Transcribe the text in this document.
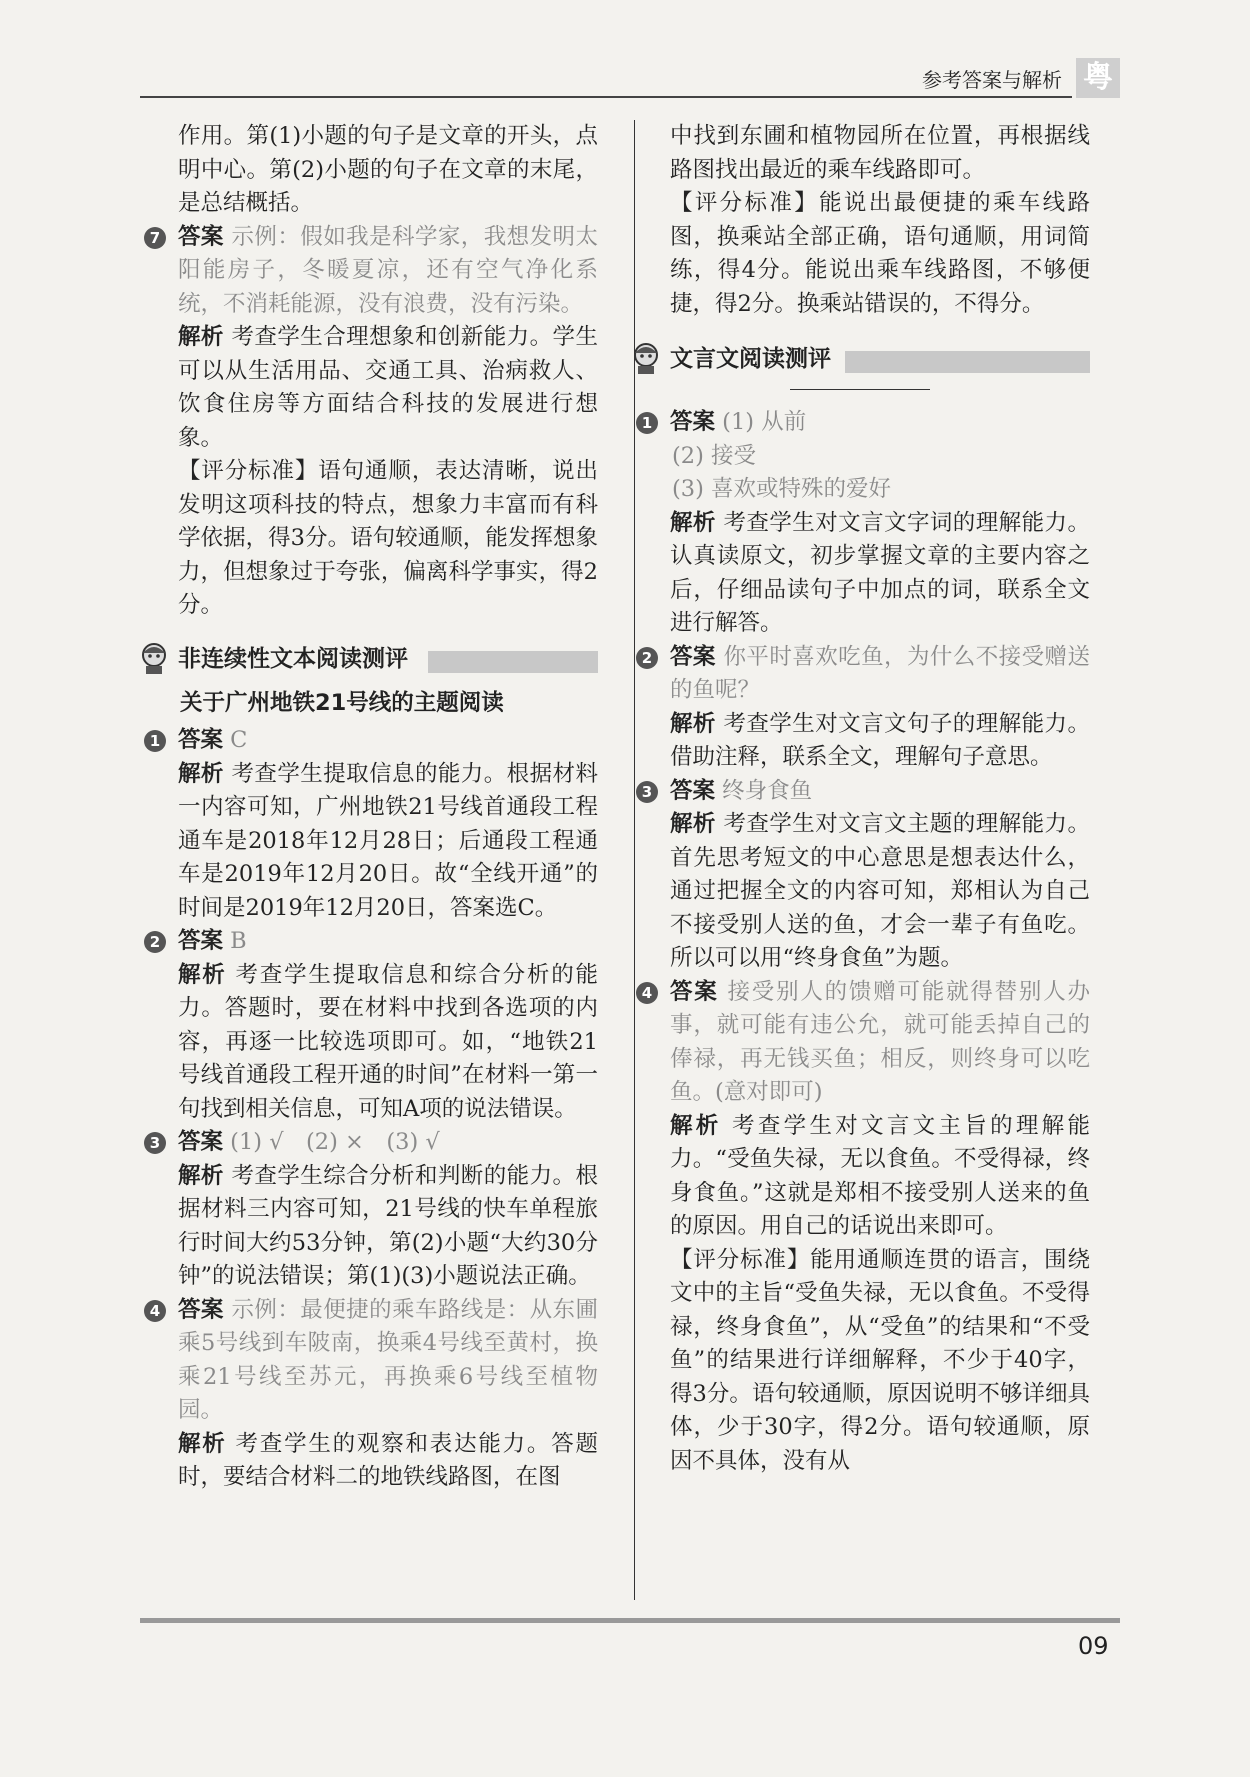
参考答案与解析 粤

作用。第(1)小题的句子是文章的开头，点明中心。第(2)小题的句子在文章的末尾，是总结概括。

7 答案 示例：假如我是科学家，我想发明太阳能房子，冬暖夏凉，还有空气净化系统，不消耗能源，没有浪费，没有污染。

解析 考查学生合理想象和创新能力。学生可以从生活用品、交通工具、治病救人、饮食住房等方面结合科技的发展进行想象。

【评分标准】语句通顺，表达清晰，说出发明这项科技的特点，想象力丰富而有科学依据，得3分。语句较通顺，能发挥想象力，但想象过于夸张，偏离科学事实，得2分。

非连续性文本阅读测评
关于广州地铁21号线的主题阅读
1 答案 C

解析 考查学生提取信息的能力。根据材料一内容可知，广州地铁21号线首通段工程通车是2018年12月28日；后通段工程通车是2019年12月20日。故“全线开通”的时间是2019年12月20日，答案选C。

2 答案 B

解析 考查学生提取信息和综合分析的能力。答题时，要在材料中找到各选项的内容，再逐一比较选项即可。如，“地铁21号线首通段工程开通的时间”在材料一第一句找到相关信息，可知A项的说法错误。

3 答案 (1) √　(2) ×　(3) √

解析 考查学生综合分析和判断的能力。根据材料三内容可知，21号线的快车单程旅行时间大约53分钟，第(2)小题“大约30分钟”的说法错误；第(1)(3)小题说法正确。

4 答案 示例：最便捷的乘车路线是：从东圃乘5号线到车陂南，换乘4号线至黄村，换乘21号线至苏元，再换乘6号线至植物园。

解析 考查学生的观察和表达能力。答题时，要结合材料二的地铁线路图，在图

中找到东圃和植物园所在位置，再根据线路图找出最近的乘车线路即可。

【评分标准】能说出最便捷的乘车线路图，换乘站全部正确，语句通顺，用词简练，得4分。能说出乘车线路图，不够便捷，得2分。换乘站错误的，不得分。

文言文阅读测评
1 答案 (1) 从前

(2) 接受

(3) 喜欢或特殊的爱好

解析 考查学生对文言文字词的理解能力。认真读原文，初步掌握文章的主要内容之后，仔细品读句子中加点的词，联系全文进行解答。

2 答案 你平时喜欢吃鱼，为什么不接受赠送的鱼呢？

解析 考查学生对文言文句子的理解能力。借助注释，联系全文，理解句子意思。

3 答案 终身食鱼

解析 考查学生对文言文主题的理解能力。首先思考短文的中心意思是想表达什么，通过把握全文的内容可知，郑相认为自己不接受别人送的鱼，才会一辈子有鱼吃。所以可以用“终身食鱼”为题。

4 答案 接受别人的馈赠可能就得替别人办事，就可能有违公允，就可能丢掉自己的俸禄，再无钱买鱼；相反，则终身可以吃鱼。(意对即可)

解析 考查学生对文言文主旨的理解能力。“受鱼失禄，无以食鱼。不受得禄，终身食鱼。”这就是郑相不接受别人送来的鱼的原因。用自己的话说出来即可。

【评分标准】能用通顺连贯的语言，围绕文中的主旨“受鱼失禄，无以食鱼。不受得禄，终身食鱼”，从“受鱼”的结果和“不受鱼”的结果进行详细解释，不少于40字，得3分。语句较通顺，原因说明不够详细具体，少于30字，得2分。语句较通顺，原因不具体，没有从

09
